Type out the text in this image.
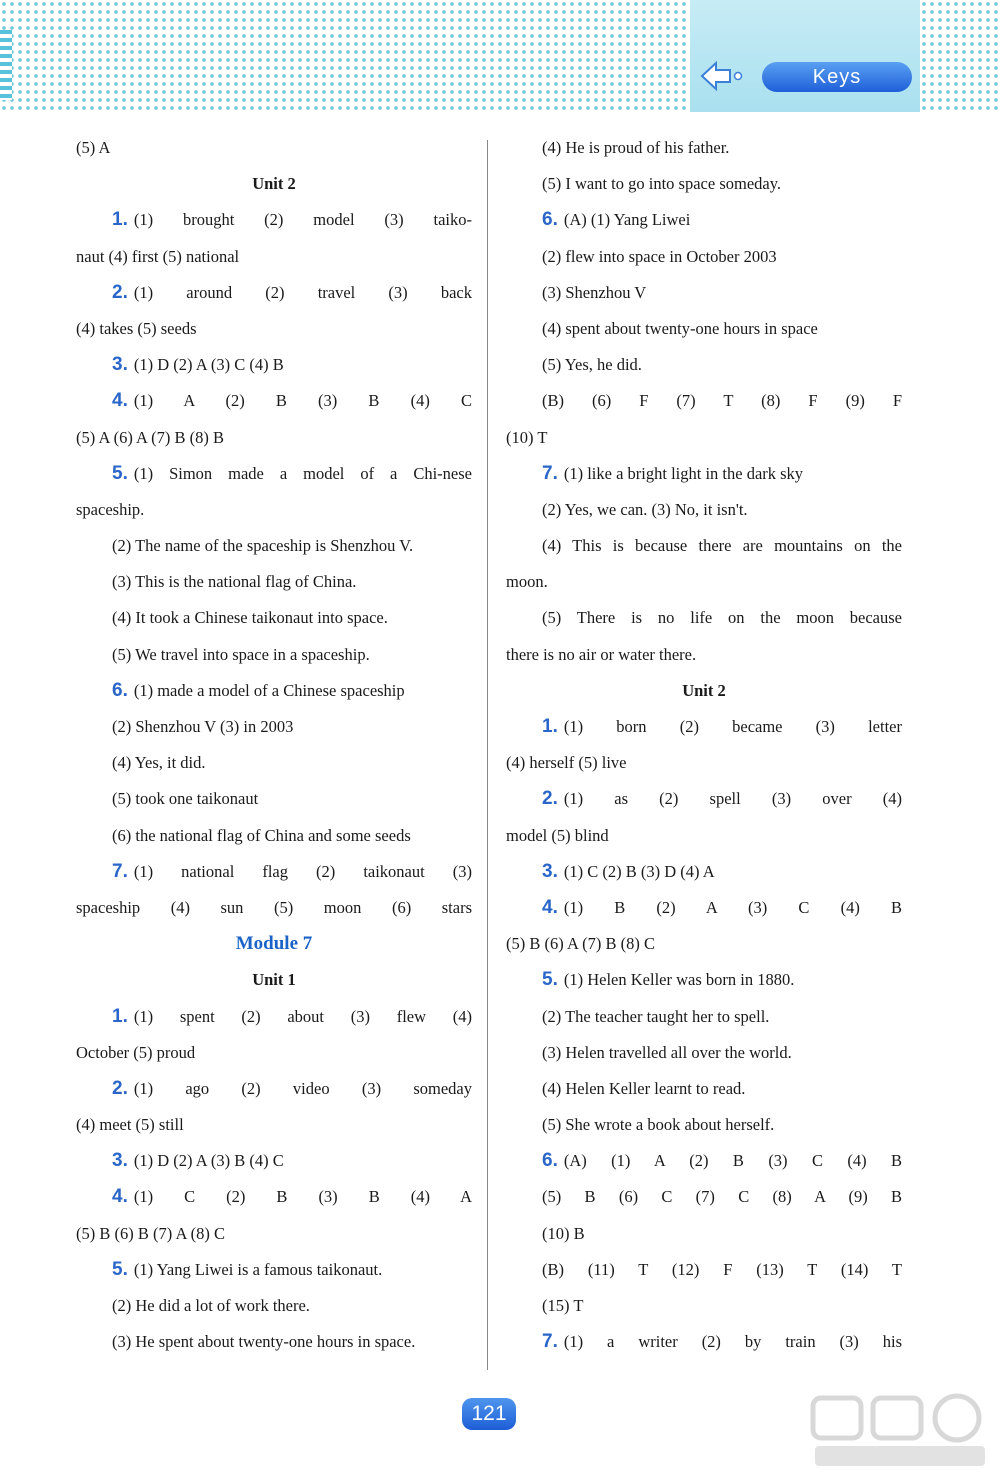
Keys
(5) A
Unit 2
1. (1) brought (2) model (3) taiko-
naut (4) first (5) national
2. (1) around (2) travel (3) back
(4) takes (5) seeds
3. (1) D (2) A (3) C (4) B
4. (1) A (2) B (3) B (4) C
(5) A (6) A (7) B (8) B
5. (1) Simon made a model of a Chi-nese
spaceship.
(2) The name of the spaceship is Shenzhou V.
(3) This is the national flag of China.
(4) It took a Chinese taikonaut into space.
(5) We travel into space in a spaceship.
6. (1) made a model of a Chinese spaceship
(2) Shenzhou V (3) in 2003
(4) Yes, it did.
(5) took one taikonaut
(6) the national flag of China and some seeds
7. (1) national flag (2) taikonaut (3)
spaceship (4) sun (5) moon (6) stars
Module 7
Unit 1
1. (1) spent (2) about (3) flew (4)
October (5) proud
2. (1) ago (2) video (3) someday
(4) meet (5) still
3. (1) D (2) A (3) B (4) C
4. (1) C (2) B (3) B (4) A
(5) B (6) B (7) A (8) C
5. (1) Yang Liwei is a famous taikonaut.
(2) He did a lot of work there.
(3) He spent about twenty-one hours in space.
(4) He is proud of his father.
(5) I want to go into space someday.
6. (A) (1) Yang Liwei
(2) flew into space in October 2003
(3) Shenzhou V
(4) spent about twenty-one hours in space
(5) Yes, he did.
(B) (6) F (7) T (8) F (9) F
(10) T
7. (1) like a bright light in the dark sky
(2) Yes, we can. (3) No, it isn't.
(4) This is because there are mountains on the
moon.
(5) There is no life on the moon because
there is no air or water there.
Unit 2
1. (1) born (2) became (3) letter
(4) herself (5) live
2. (1) as (2) spell (3) over (4)
model (5) blind
3. (1) C (2) B (3) D (4) A
4. (1) B (2) A (3) C (4) B
(5) B (6) A (7) B (8) C
5. (1) Helen Keller was born in 1880.
(2) The teacher taught her to spell.
(3) Helen travelled all over the world.
(4) Helen Keller learnt to read.
(5) She wrote a book about herself.
6. (A) (1) A (2) B (3) C (4) B
(5) B (6) C (7) C (8) A (9) B
(10) B
(B) (11) T (12) F (13) T (14) T
(15) T
7. (1) a writer (2) by train (3) his
121
